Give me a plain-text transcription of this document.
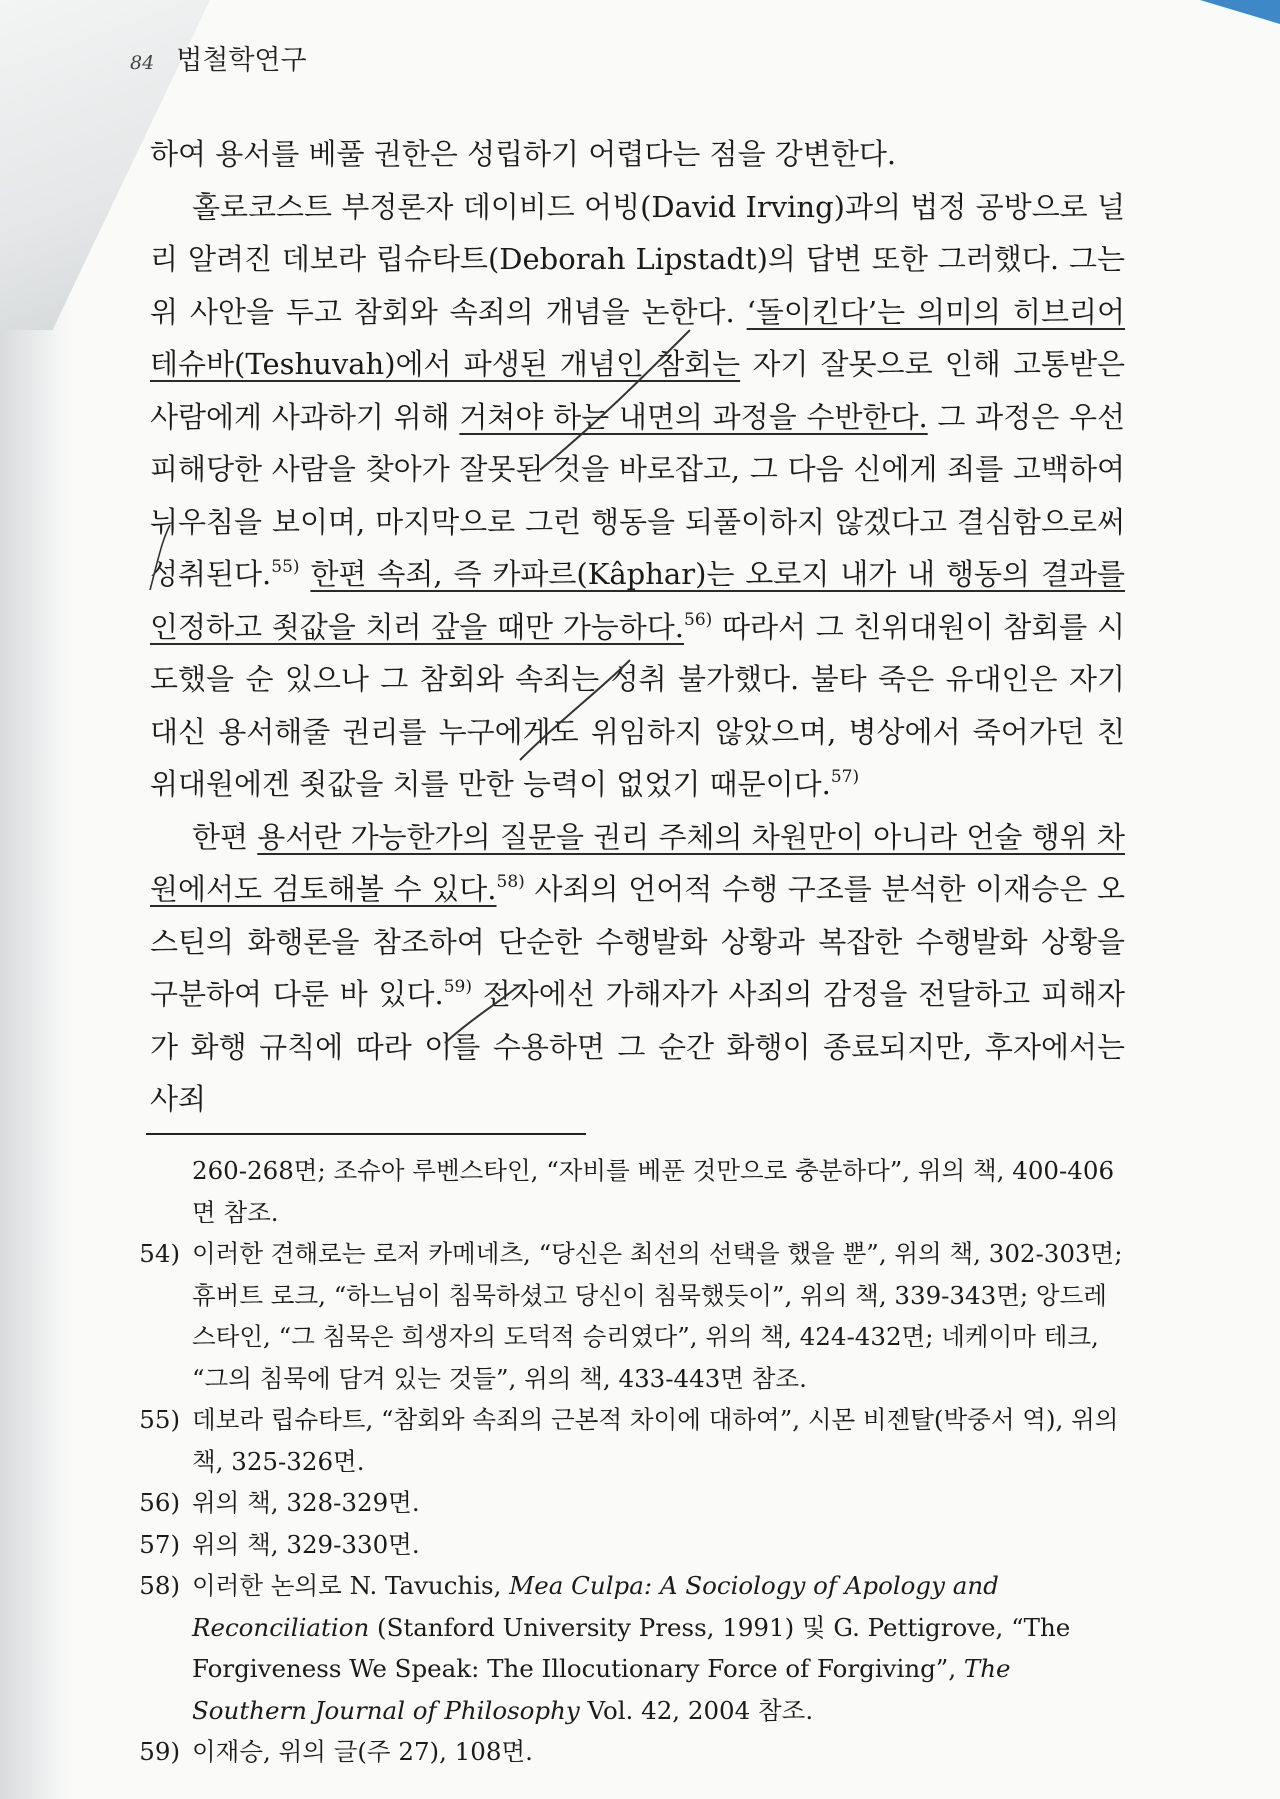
84 법철학연구

하여 용서를 베풀 권한은 성립하기 어렵다는 점을 강변한다.

홀로코스트 부정론자 데이비드 어빙(David Irving)과의 법정 공방으로 널리 알려진 데보라 립슈타트(Deborah Lipstadt)의 답변 또한 그러했다. 그는 위 사안을 두고 참회와 속죄의 개념을 논한다. ‘돌이킨다’는 의미의 히브리어 테슈바(Teshuvah)에서 파생된 개념인 참회는 자기 잘못으로 인해 고통받은 사람에게 사과하기 위해 거쳐야 하는 내면의 과정을 수반한다. 그 과정은 우선 피해당한 사람을 찾아가 잘못된 것을 바로잡고, 그 다음 신에게 죄를 고백하여 뉘우침을 보이며, 마지막으로 그런 행동을 되풀이하지 않겠다고 결심함으로써 성취된다.$^{55)}$ 한편 속죄, 즉 카파르(Kâphar)는 오로지 내가 내 행동의 결과를 인정하고 죗값을 치러 갚을 때만 가능하다.$^{56)}$ 따라서 그 친위대원이 참회를 시도했을 순 있으나 그 참회와 속죄는 성취 불가했다. 불타 죽은 유대인은 자기 대신 용서해줄 권리를 누구에게도 위임하지 않았으며, 병상에서 죽어가던 친위대원에겐 죗값을 치를 만한 능력이 없었기 때문이다.$^{57)}$

한편 용서란 가능한가의 질문을 권리 주체의 차원만이 아니라 언술 행위 차원에서도 검토해볼 수 있다.$^{58)}$ 사죄의 언어적 수행 구조를 분석한 이재승은 오스틴의 화행론을 참조하여 단순한 수행발화 상황과 복잡한 수행발화 상황을 구분하여 다룬 바 있다.$^{59)}$ 전자에선 가해자가 사죄의 감정을 전달하고 피해자가 화행 규칙에 따라 이를 수용하면 그 순간 화행이 종료되지만, 후자에서는 사죄

260-268면; 조슈아 루벤스타인, “자비를 베푼 것만으로 충분하다”, 위의 책, 400-406면 참조.
54) 이러한 견해로는 로저 카메네츠, “당신은 최선의 선택을 했을 뿐”, 위의 책, 302-303면; 휴버트 로크, “하느님이 침묵하셨고 당신이 침묵했듯이”, 위의 책, 339-343면; 앙드레 스타인, “그 침묵은 희생자의 도덕적 승리였다”, 위의 책, 424-432면; 네케이마 테크, “그의 침묵에 담겨 있는 것들”, 위의 책, 433-443면 참조.
55) 데보라 립슈타트, “참회와 속죄의 근본적 차이에 대하여”, 시몬 비젠탈(박중서 역), 위의 책, 325-326면.
56) 위의 책, 328-329면.
57) 위의 책, 329-330면.
58) 이러한 논의로 N. Tavuchis, Mea Culpa: A Sociology of Apology and Reconciliation (Stanford University Press, 1991) 및 G. Pettigrove, “The Forgiveness We Speak: The Illocutionary Force of Forgiving”, The Southern Journal of Philosophy Vol. 42, 2004 참조.
59) 이재승, 위의 글(주 27), 108면.
